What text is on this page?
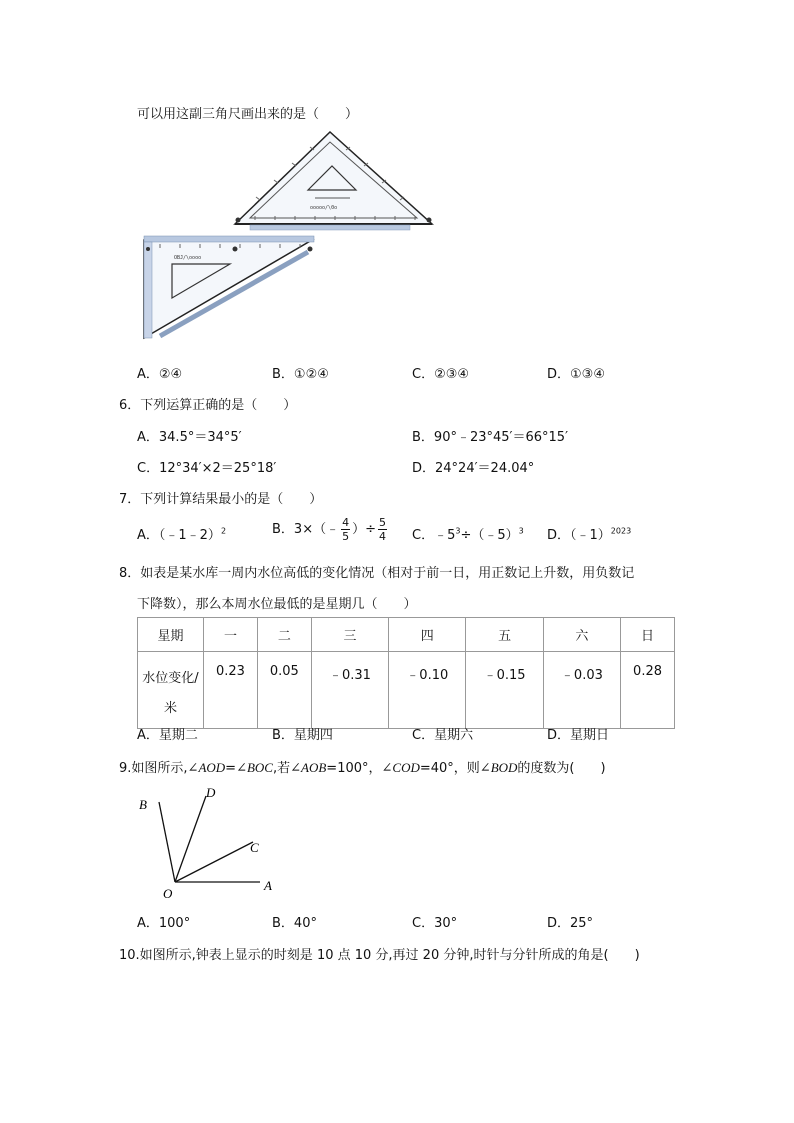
可以用这副三角尺画出来的是（　　）
ooooo/\0o
OBJ/\oooo
A．②④	B．①②④	C．②③④	D．①③④
6．下列运算正确的是（　　）
A．34.5°＝34°5′	B．90°﹣23°45′＝66°15′
C．12°34′×2＝25°18′	D．24°24′＝24.04°
7．下列计算结果最小的是（　　）
A．（﹣1﹣2）$^2$	B．3×（﹣ $\frac{4}{5}$ ）÷ $\frac{5}{4}$ C．$﹣5^3\div(﹣5)^3$ D．（﹣1）$^{2023}$
8．如表是某水库一周内水位高低的变化情况（相对于前一日，用正数记上升数，用负数记
下降数），那么本周水位最低的是星期几（　　）
星期	一	二	三	四	五	六	日

水位变化/
米	0.23	0.05	﹣0.31	﹣0.10	﹣0.15	﹣0.03	0.28
A．星期二	B．星期四	C．星期六	D．星期日
9.如图所示,∠AOD=∠BOC,若∠AOB=100°，∠COD=40°，则∠BOD的度数为(　　)
B
D
C
O
A
A．100°	B．40°	C．30°	D．25°
10.如图所示,钟表上显示的时刻是 10 点 10 分,再过 20 分钟,时针与分针所成的角是(　　)
